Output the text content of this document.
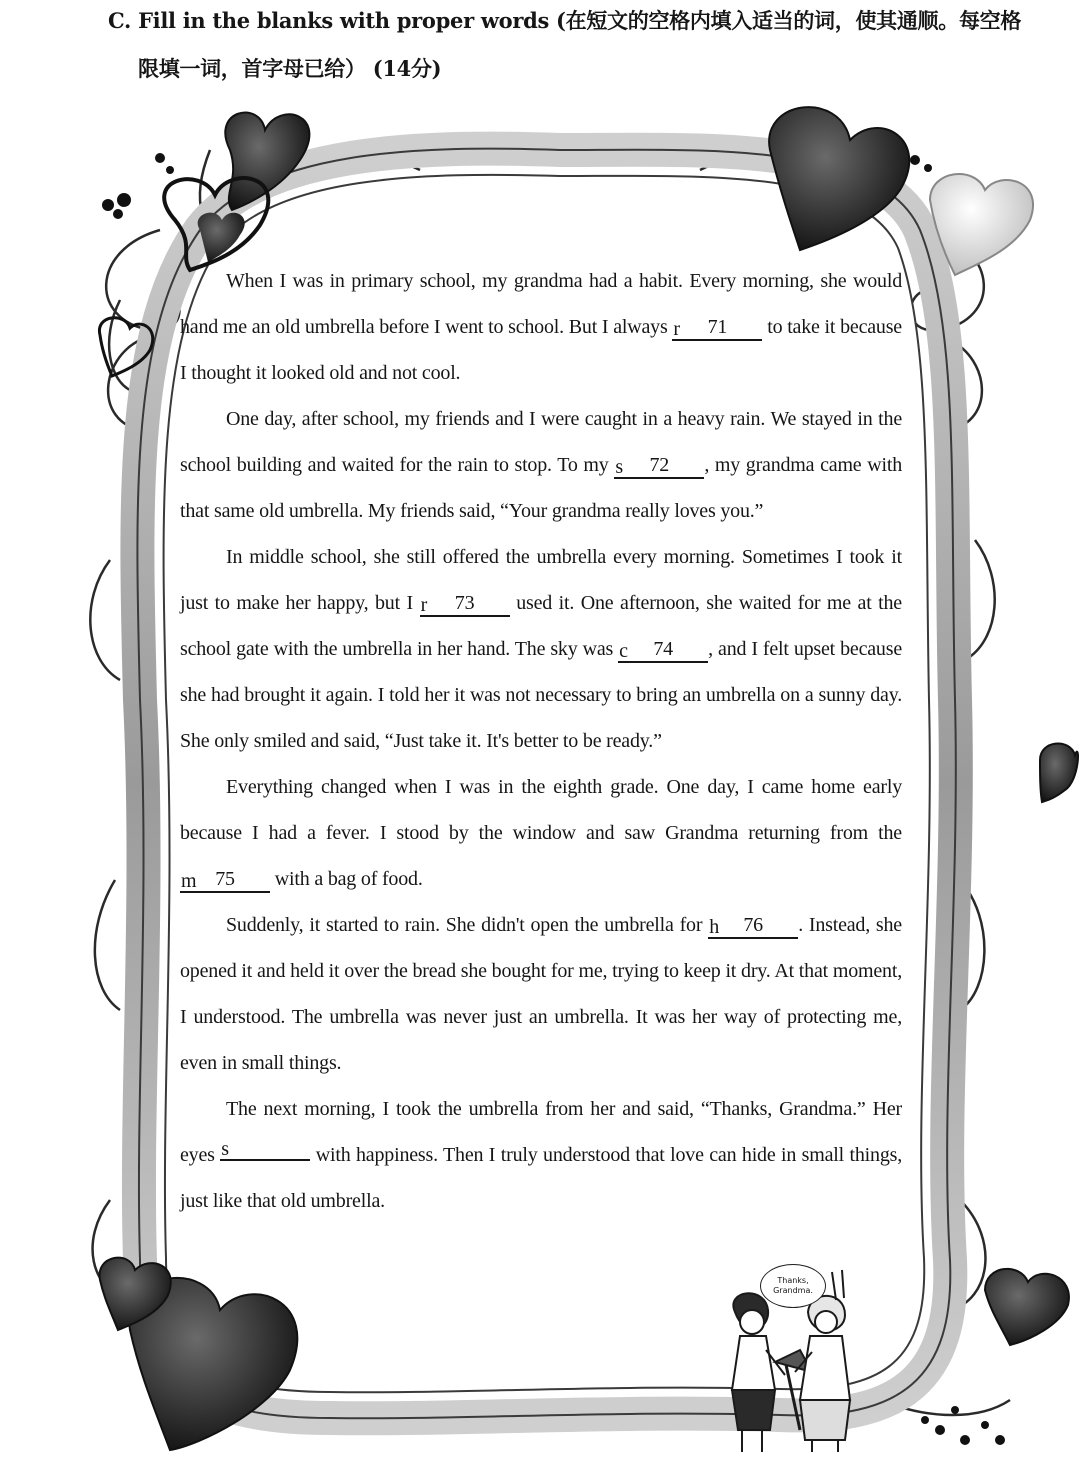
C. Fill in the blanks with proper words (在短文的空格内填入适当的词，使其通顺。每空格
限填一词，首字母已给） (14分)
Thanks,
Grandma.

When I was in primary school, my grandma had a habit. Every morning, she would hand me an old umbrella before I went to school. But I always r	71	to take it because I thought it looked old and not cool.

One day, after school, my friends and I were caught in a heavy rain. We stayed in the school building and waited for the rain to stop. To my s	72	, my grandma came with that same old umbrella. My friends said, “Your grandma really loves you.”

In middle school, she still offered the umbrella every morning. Sometimes I took it just to make her happy, but I r	73	used it. One afternoon, she waited for me at the school gate with the umbrella in her hand. The sky was c	74	, and I felt upset because she had brought it again. I told her it was not necessary to bring an umbrella on a sunny day. She only smiled and said, “Just take it. It's better to be ready.”

Everything changed when I was in the eighth grade. One day, I came home early because I had a fever. I stood by the window and saw Grandma returning from the
m 75	with a bag of food.

Suddenly, it started to rain. She didn't open the umbrella for h	76	. Instead, she opened it and held it over the bread she bought for me, trying to keep it dry. At that moment, I understood. The umbrella was never just an umbrella. It was her way of protecting me, even in small things.

The next morning, I took the umbrella from her and said, “Thanks, Grandma.” Her eyes s	with happiness. Then I truly understood that love can hide in small things, just like that old umbrella.
